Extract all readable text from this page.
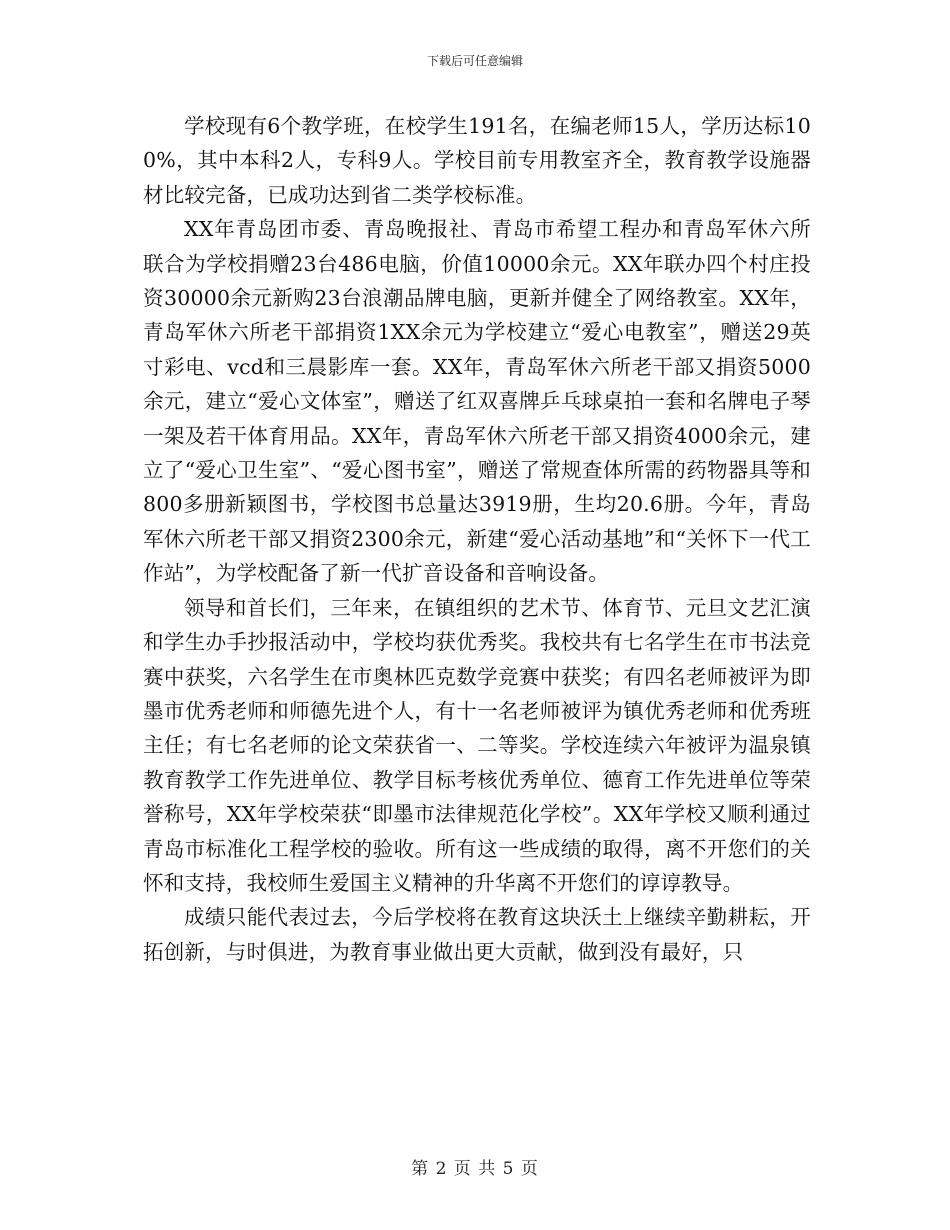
下载后可任意编辑

学校现有6个教学班，在校学生191名，在编老师15人，学历达标100%，其中本科2人，专科9人。学校目前专用教室齐全，教育教学设施器材比较完备，已成功达到省二类学校标准。

XX年青岛团市委、青岛晚报社、青岛市希望工程办和青岛军休六所联合为学校捐赠23台486电脑，价值10000余元。XX年联办四个村庄投资30000余元新购23台浪潮品牌电脑，更新并健全了网络教室。XX年，青岛军休六所老干部捐资1XX余元为学校建立“爱心电教室”，赠送29英寸彩电、vcd和三晨影库一套。XX年，青岛军休六所老干部又捐资5000余元，建立“爱心文体室”，赠送了红双喜牌乒乓球桌拍一套和名牌电子琴一架及若干体育用品。XX年，青岛军休六所老干部又捐资4000余元，建立了“爱心卫生室”、“爱心图书室”，赠送了常规查体所需的药物器具等和800多册新颖图书，学校图书总量达3919册，生均20.6册。今年，青岛军休六所老干部又捐资2300余元，新建“爱心活动基地”和“关怀下一代工作站”，为学校配备了新一代扩音设备和音响设备。

领导和首长们，三年来，在镇组织的艺术节、体育节、元旦文艺汇演和学生办手抄报活动中，学校均获优秀奖。我校共有七名学生在市书法竞赛中获奖，六名学生在市奥林匹克数学竞赛中获奖；有四名老师被评为即墨市优秀老师和师德先进个人，有十一名老师被评为镇优秀老师和优秀班主任；有七名老师的论文荣获省一、二等奖。学校连续六年被评为温泉镇教育教学工作先进单位、教学目标考核优秀单位、德育工作先进单位等荣誉称号，XX年学校荣获“即墨市法律规范化学校”。XX年学校又顺利通过青岛市标准化工程学校的验收。所有这一些成绩的取得，离不开您们的关怀和支持，我校师生爱国主义精神的升华离不开您们的谆谆教导。

成绩只能代表过去，今后学校将在教育这块沃土上继续辛勤耕耘，开拓创新，与时俱进，为教育事业做出更大贡献，做到没有最好，只

第 2 页 共 5 页
